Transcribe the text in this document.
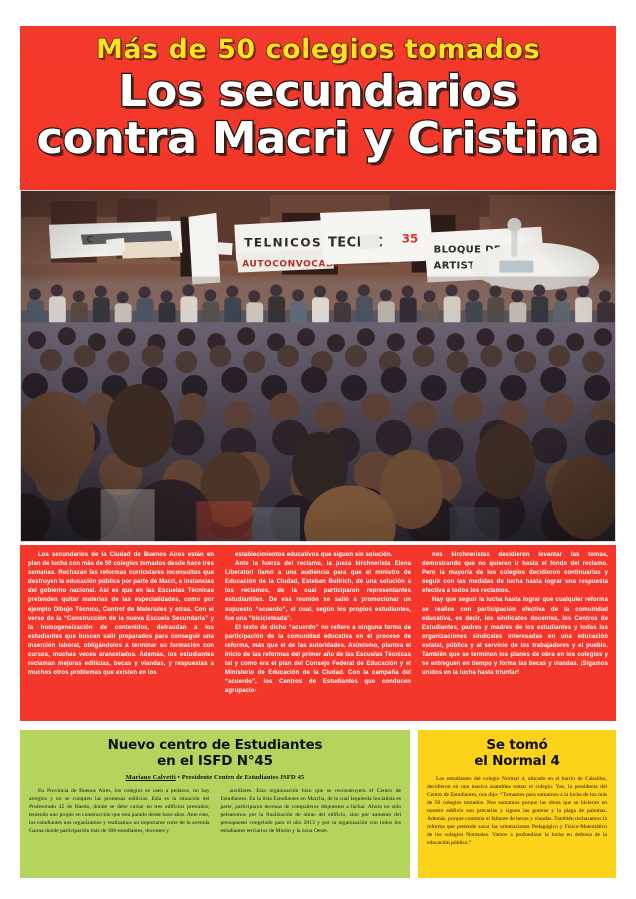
Más de 50 colegios tomados
Los secundarios
contra Macri y Cristina

Los secundarios de la Ciudad de Buenos Aires están en plan de lucha con más de 50 colegios tomados desde hace tres semanas. Rechazan las reformas curriculares inconsultas que destruyen la educación pública por parte de Macri, a instancias del gobierno nacional. Así es que en las Escuelas Técnicas pretenden quitar materias de las especialidades, como por ejemplo Dibujo Técnico, Control de Materiales y otras. Con el verso de la “Construcción de la nueva Escuela Secundaria” y la homogeneización de contenidos, defraudan a los estudiantes que buscan salir preparados para conseguir una inserción laboral, obligándolos a terminar su formación con cursos, muchas veces arancelados. Además, los estudiantes reclaman mejoras edilicias, becas y viandas, y respuestas a muchos otros problemas que existen en los

establecimientos educativos que siguen sin solución.

Ante la fuerza del reclamo, la jueza kirchnerista Elena Liberatori llamó a una audiencia para que el ministro de Educación de la Ciudad, Esteban Bullrich, dé una solución a los reclamos, de la cual participaron representantes estudiantiles. De esa reunión se salió a promocionar un supuesto “acuerdo”, el cual, según los propios estudiantes, fue una “bicicleteada”.

El texto de dicho “acuerdo” no refiere a ninguna forma de participación de la comunidad educativa en el proceso de reforma, más que el de las autoridades. Asimismo, plantea el inicio de las reformas del primer año de las Escuelas Técnicas tal y como era el plan del Consejo Federal de Educación y el Ministerio de Educación de la Ciudad. Con la campaña del “acuerdo”, los Centros de Estudiantes que conducen agrupacio-

nes kirchneristas decidieron levantar las tomas, demostrando que no quieren ir hasta el fondo del reclamo. Pero la mayoría de los colegios decidieron continuarlas y seguir con las medidas de lucha hasta lograr una respuesta efectiva a todos los reclamos.

Hay que seguir la lucha hasta lograr que cualquier reforma se realice con participación efectiva de la comunidad educativa, es decir, los sindicatos docentes, los Centros de Estudiantes, padres y madres de los estudiantes y todas las organizaciones sindicales interesadas en una educación estatal, pública y al servicio de los trabajadores y el pueblo. También que se terminen los planes de obra en los colegios y se entreguen en tiempo y forma las becas y viandas. ¡Sigamos unidos en la lucha hasta triunfar!

Nuevo centro de Estudiantes
en el ISFD N°45
Mariano Calvetti • Presidente Centro de Estudiantes ISFD 45

En Provincia de Buenos Aires, los colegios se caen a pedazos, no hay arreglos y no se cumplen las promesas edilicias. Esta es la situación del Profesorado 45 de Haedo, donde se debe cursar en tres edificios prestados, teniendo uno propio en construcción que está parado desde hace años. Ante esto, los estudiantes nos organizamos y realizamos un importante corte de la avenida Gaona donde participación más de 300 estudiantes, docentes y

auxiliares. Esta organización hizo que se reconstruyera el Centro de Estudiantes. En la lista Estudiantes en Marcha, de la cual Izquierda Socialista es parte, participaron decenas de compañeros dispuestos a luchar. Ahora no sólo pelearemos por la finalización de obras del edificio, sino por aumento del presupuesto congelado para el año 2013 y por la organización con todos los estudiantes terciarios de Morón y la zona Oeste.

Se tomó
el Normal 4

Los estudiantes del colegio Normal 4, ubicado en el barrio de Caballito, decidieron en una masiva asamblea tomar el colegio. Yaz, la presidenta del Centro de Estudiantes, nos dijo: “Tomamos para sumarnos a la lucha de los más de 50 colegios tomados. Nos sumamos porque las obras que se hicieron en nuestro edificio son precarias y siguen las goteras y la plaga de palomas. Además, porque continúa el faltante de becas y viandas. También rechazamos la reforma que pretende sacar las orientaciones Pedagógico y Físico-Matemático de los colegios Normales. Vamos a profundizar la lucha en defensa de la educación pública.”
